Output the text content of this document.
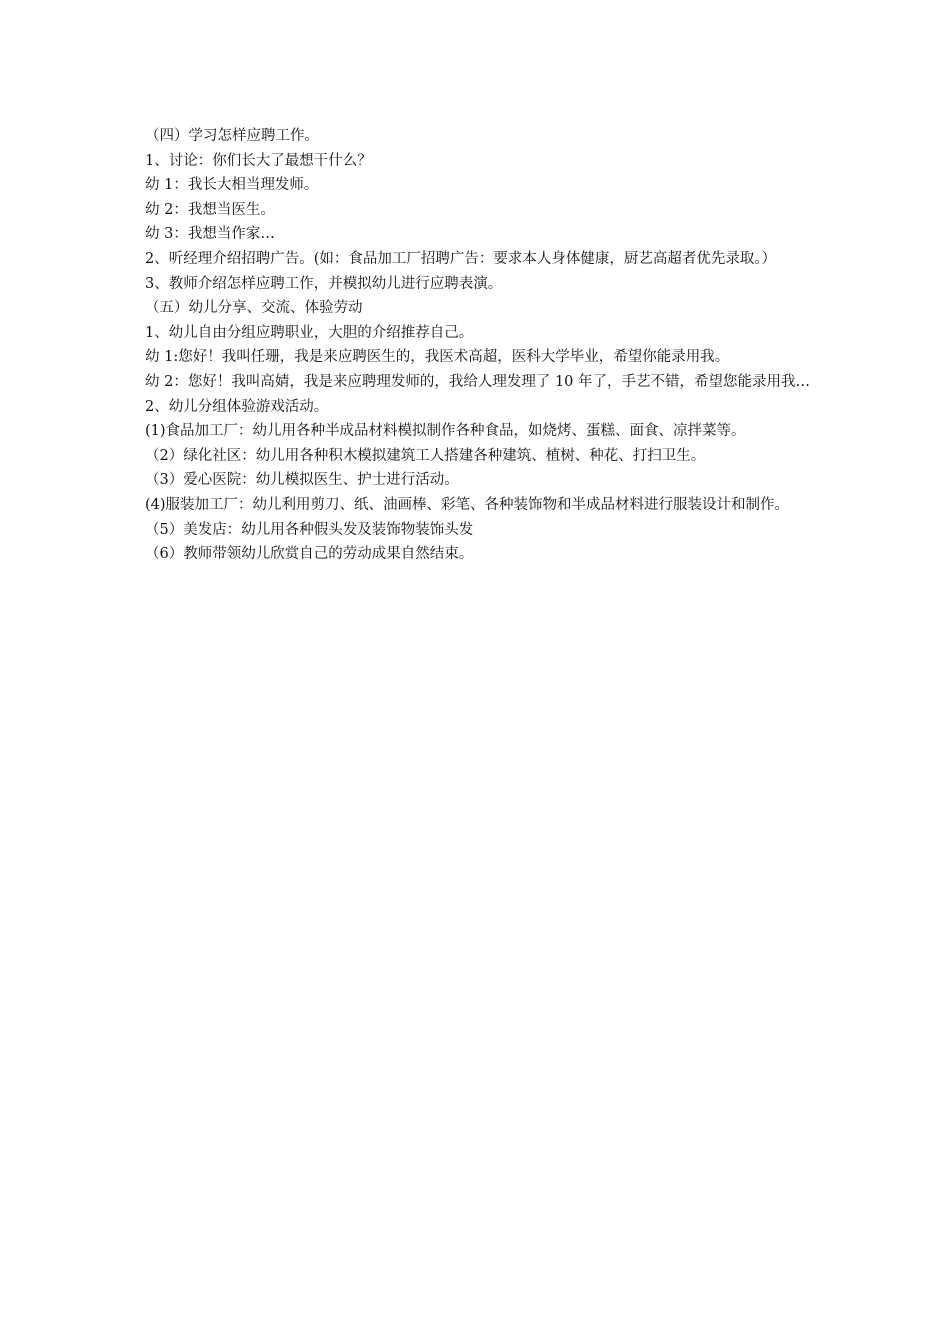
（四）学习怎样应聘工作。

1、讨论：你们长大了最想干什么？

幼 1：我长大相当理发师。

幼 2：我想当医生。

幼 3：我想当作家…

2、听经理介绍招聘广告。(如：食品加工厂招聘广告：要求本人身体健康，厨艺高超者优先录取。）

3、教师介绍怎样应聘工作，并模拟幼儿进行应聘表演。

（五）幼儿分享、交流、体验劳动

1、幼儿自由分组应聘职业，大胆的介绍推荐自己。

幼 1:您好！我叫任珊，我是来应聘医生的，我医术高超，医科大学毕业，希望你能录用我。

幼 2：您好！我叫高婧，我是来应聘理发师的，我给人理发理了 10 年了，手艺不错，希望您能录用我…

2、幼儿分组体验游戏活动。

(1)食品加工厂：幼儿用各种半成品材料模拟制作各种食品，如烧烤、蛋糕、面食、凉拌菜等。

（2）绿化社区：幼儿用各种积木模拟建筑工人搭建各种建筑、植树、种花、打扫卫生。

（3）爱心医院：幼儿模拟医生、护士进行活动。

(4)服装加工厂：幼儿利用剪刀、纸、油画棒、彩笔、各种装饰物和半成品材料进行服装设计和制作。

（5）美发店：幼儿用各种假头发及装饰物装饰头发

（6）教师带领幼儿欣赏自己的劳动成果自然结束。
